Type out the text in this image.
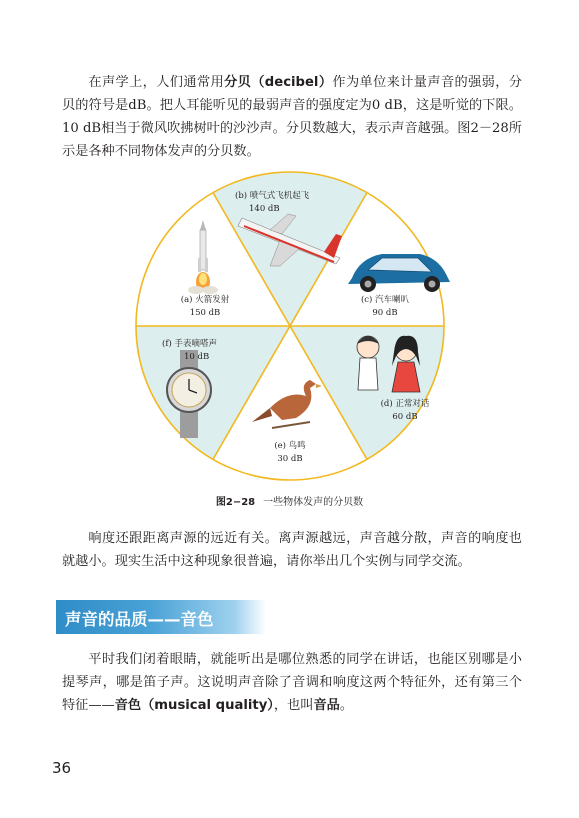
在声学上，人们通常用分贝（decibel）作为单位来计量声音的强弱，分贝的符号是dB。把人耳能听见的最弱声音的强度定为0 dB，这是听觉的下限。10 dB相当于微风吹拂树叶的沙沙声。分贝数越大，表示声音越强。图2－28所示是各种不同物体发声的分贝数。

(b) 喷气式飞机起飞
140 dB
(a) 火箭发射
150 dB
(c) 汽车喇叭
90 dB
(f) 手表嘀嗒声
10 dB
(d) 正常对话
60 dB
(e) 鸟鸣
30 dB
图2−28 一些物体发声的分贝数

响度还跟距离声源的远近有关。离声源越远，声音越分散，声音的响度也就越小。现实生活中这种现象很普遍，请你举出几个实例与同学交流。

声音的品质——音色

平时我们闭着眼睛，就能听出是哪位熟悉的同学在讲话，也能区别哪是小提琴声，哪是笛子声。这说明声音除了音调和响度这两个特征外，还有第三个特征——音色（musical quality），也叫音品。

36
